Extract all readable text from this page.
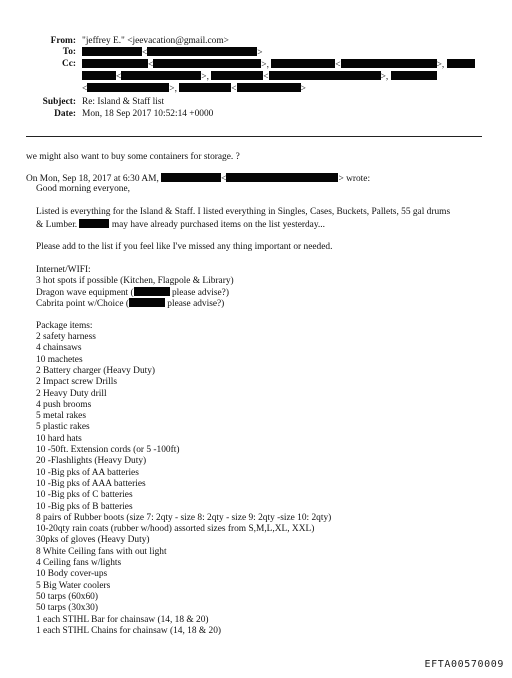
From: "jeffrey E." <jeevacation@gmail.com>
To:	<	>
Cc:	<	>,	<	>,
<	>,	<	>,
<	>,	<	>
Subject: Re: Island & Staff list
Date: Mon, 18 Sep 2017 10:52:14 +0000
we might also want to buy some containers for storage. ?
On Mon, Sep 18, 2017 at 6:30 AM,	<	> wrote:
Good morning everyone,
Listed is everything for the Island & Staff. I listed everything in Singles, Cases, Buckets, Pallets, 55 gal drums
& Lumber.	may have already purchased items on the list yesterday...
Please add to the list if you feel like I've missed any thing important or needed.
Internet/WIFI:
3 hot spots if possible (Kitchen, Flagpole & Library)
Dragon wave equipment (	please advise?)
Cabrita point w/Choice (	please advise?)
Package items:
2 safety harness
4 chainsaws
10 machetes
2 Battery charger (Heavy Duty)
2 Impact screw Drills
2 Heavy Duty drill
4 push brooms
5 metal rakes
5 plastic rakes
10 hard hats
10 -50ft. Extension cords (or 5 -100ft)
20 -Flashlights (Heavy Duty)
10 -Big pks of AA batteries
10 -Big pks of AAA batteries
10 -Big pks of C batteries
10 -Big pks of B batteries
8 pairs of Rubber boots (size 7: 2qty - size 8: 2qty - size 9: 2qty -size 10: 2qty)
10-20qty rain coats (rubber w/hood) assorted sizes from S,M,L,XL, XXL)
30pks of gloves (Heavy Duty)
8 White Ceiling fans with out light
4 Ceiling fans w/lights
10 Body cover-ups
5 Big Water coolers
50 tarps (60x60)
50 tarps (30x30)
1 each STIHL Bar for chainsaw (14, 18 & 20)
1 each STIHL Chains for chainsaw (14, 18 & 20)
EFTA00570009
